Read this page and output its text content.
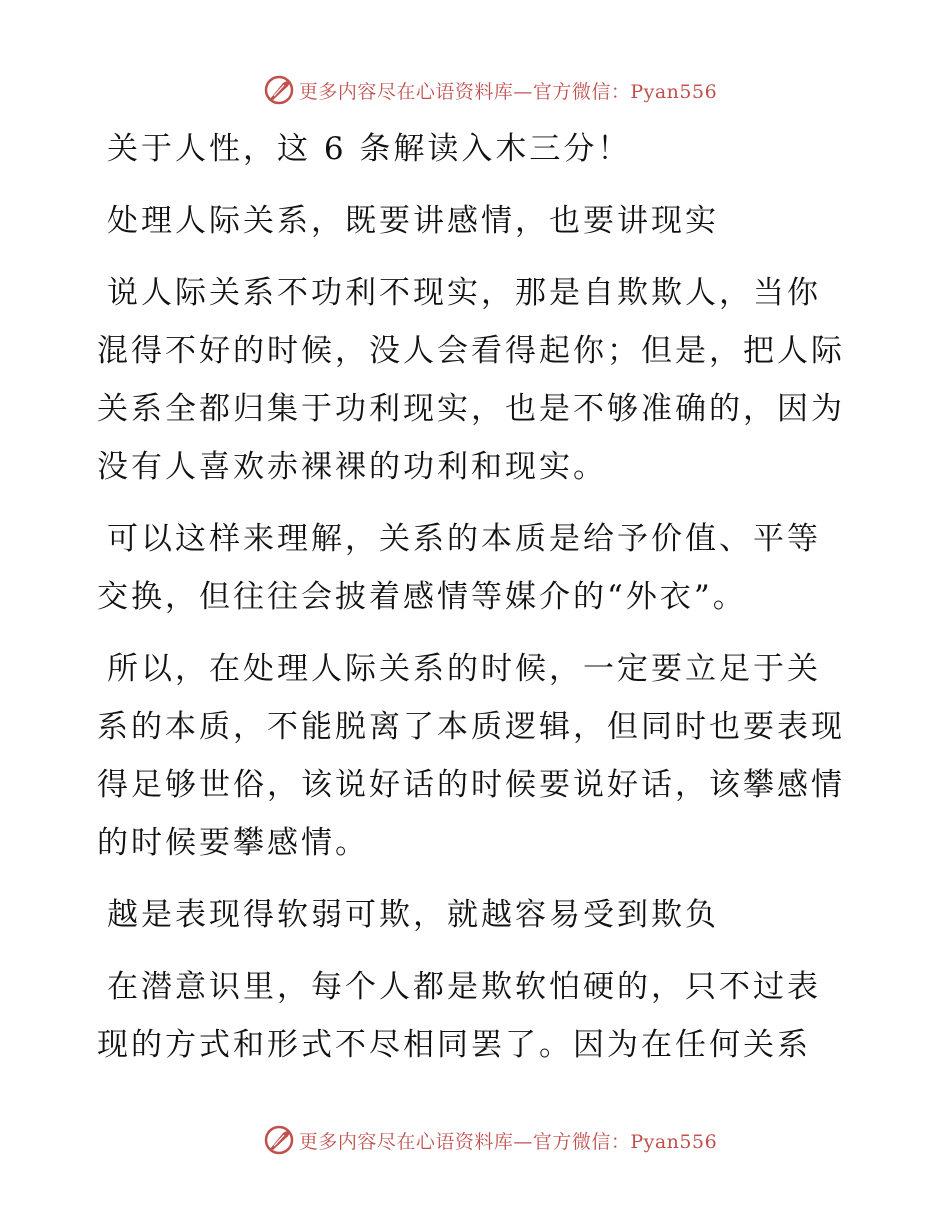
更多内容尽在心语资料库—官方微信：Pyan556
关于人性，这 6 条解读入木三分！
处理人际关系，既要讲感情，也要讲现实
说人际关系不功利不现实，那是自欺欺人，当你
混得不好的时候，没人会看得起你；但是，把人际
关系全都归集于功利现实，也是不够准确的，因为
没有人喜欢赤裸裸的功利和现实。
可以这样来理解，关系的本质是给予价值、平等
交换，但往往会披着感情等媒介的“外衣”。
所以，在处理人际关系的时候，一定要立足于关
系的本质，不能脱离了本质逻辑，但同时也要表现
得足够世俗，该说好话的时候要说好话，该攀感情
的时候要攀感情。
越是表现得软弱可欺，就越容易受到欺负
在潜意识里，每个人都是欺软怕硬的，只不过表
现的方式和形式不尽相同罢了。因为在任何关系
更多内容尽在心语资料库—官方微信：Pyan556
